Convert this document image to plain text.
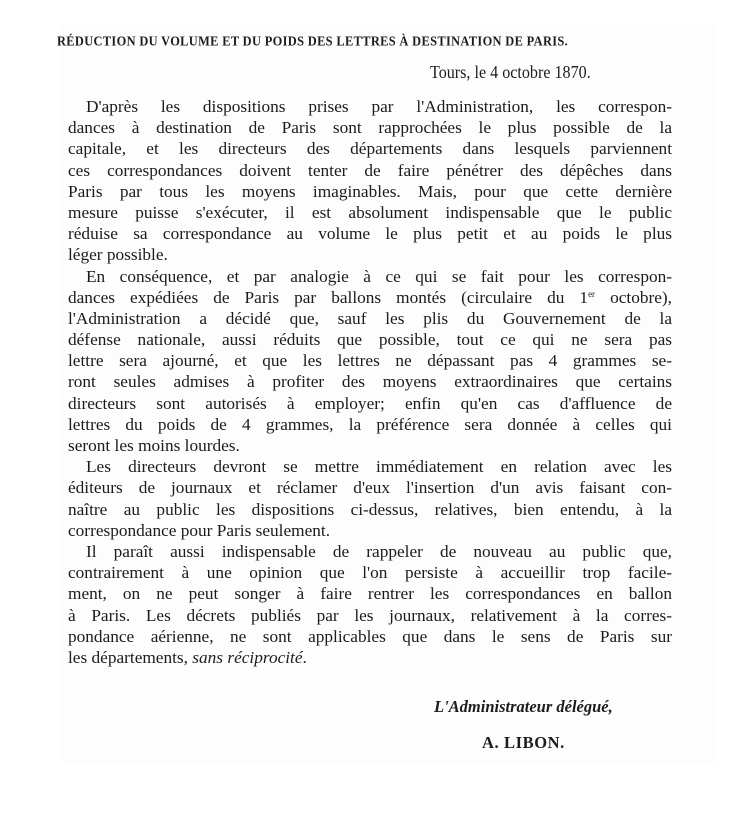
RÉDUCTION DU VOLUME ET DU POIDS DES LETTRES À DESTINATION DE PARIS.
Tours, le 4 octobre 1870.
D'après les dispositions prises par l'Administration, les correspon-
dances à destination de Paris sont rapprochées le plus possible de la
capitale, et les directeurs des départements dans lesquels parviennent
ces correspondances doivent tenter de faire pénétrer des dépêches dans
Paris par tous les moyens imaginables. Mais, pour que cette dernière
mesure puisse s'exécuter, il est absolument indispensable que le public
réduise sa correspondance au volume le plus petit et au poids le plus
léger possible.
En conséquence, et par analogie à ce qui se fait pour les correspon-
dances expédiées de Paris par ballons montés (circulaire du 1er octobre),
l'Administration a décidé que, sauf les plis du Gouvernement de la
défense nationale, aussi réduits que possible, tout ce qui ne sera pas
lettre sera ajourné, et que les lettres ne dépassant pas 4 grammes se-
ront seules admises à profiter des moyens extraordinaires que certains
directeurs sont autorisés à employer; enfin qu'en cas d'affluence de
lettres du poids de 4 grammes, la préférence sera donnée à celles qui
seront les moins lourdes.
Les directeurs devront se mettre immédiatement en relation avec les
éditeurs de journaux et réclamer d'eux l'insertion d'un avis faisant con-
naître au public les dispositions ci-dessus, relatives, bien entendu, à la
correspondance pour Paris seulement.
Il paraît aussi indispensable de rappeler de nouveau au public que,
contrairement à une opinion que l'on persiste à accueillir trop facile-
ment, on ne peut songer à faire rentrer les correspondances en ballon
à Paris. Les décrets publiés par les journaux, relativement à la corres-
pondance aérienne, ne sont applicables que dans le sens de Paris sur
les départements, sans réciprocité.
L'Administrateur délégué,
A. LIBON.
